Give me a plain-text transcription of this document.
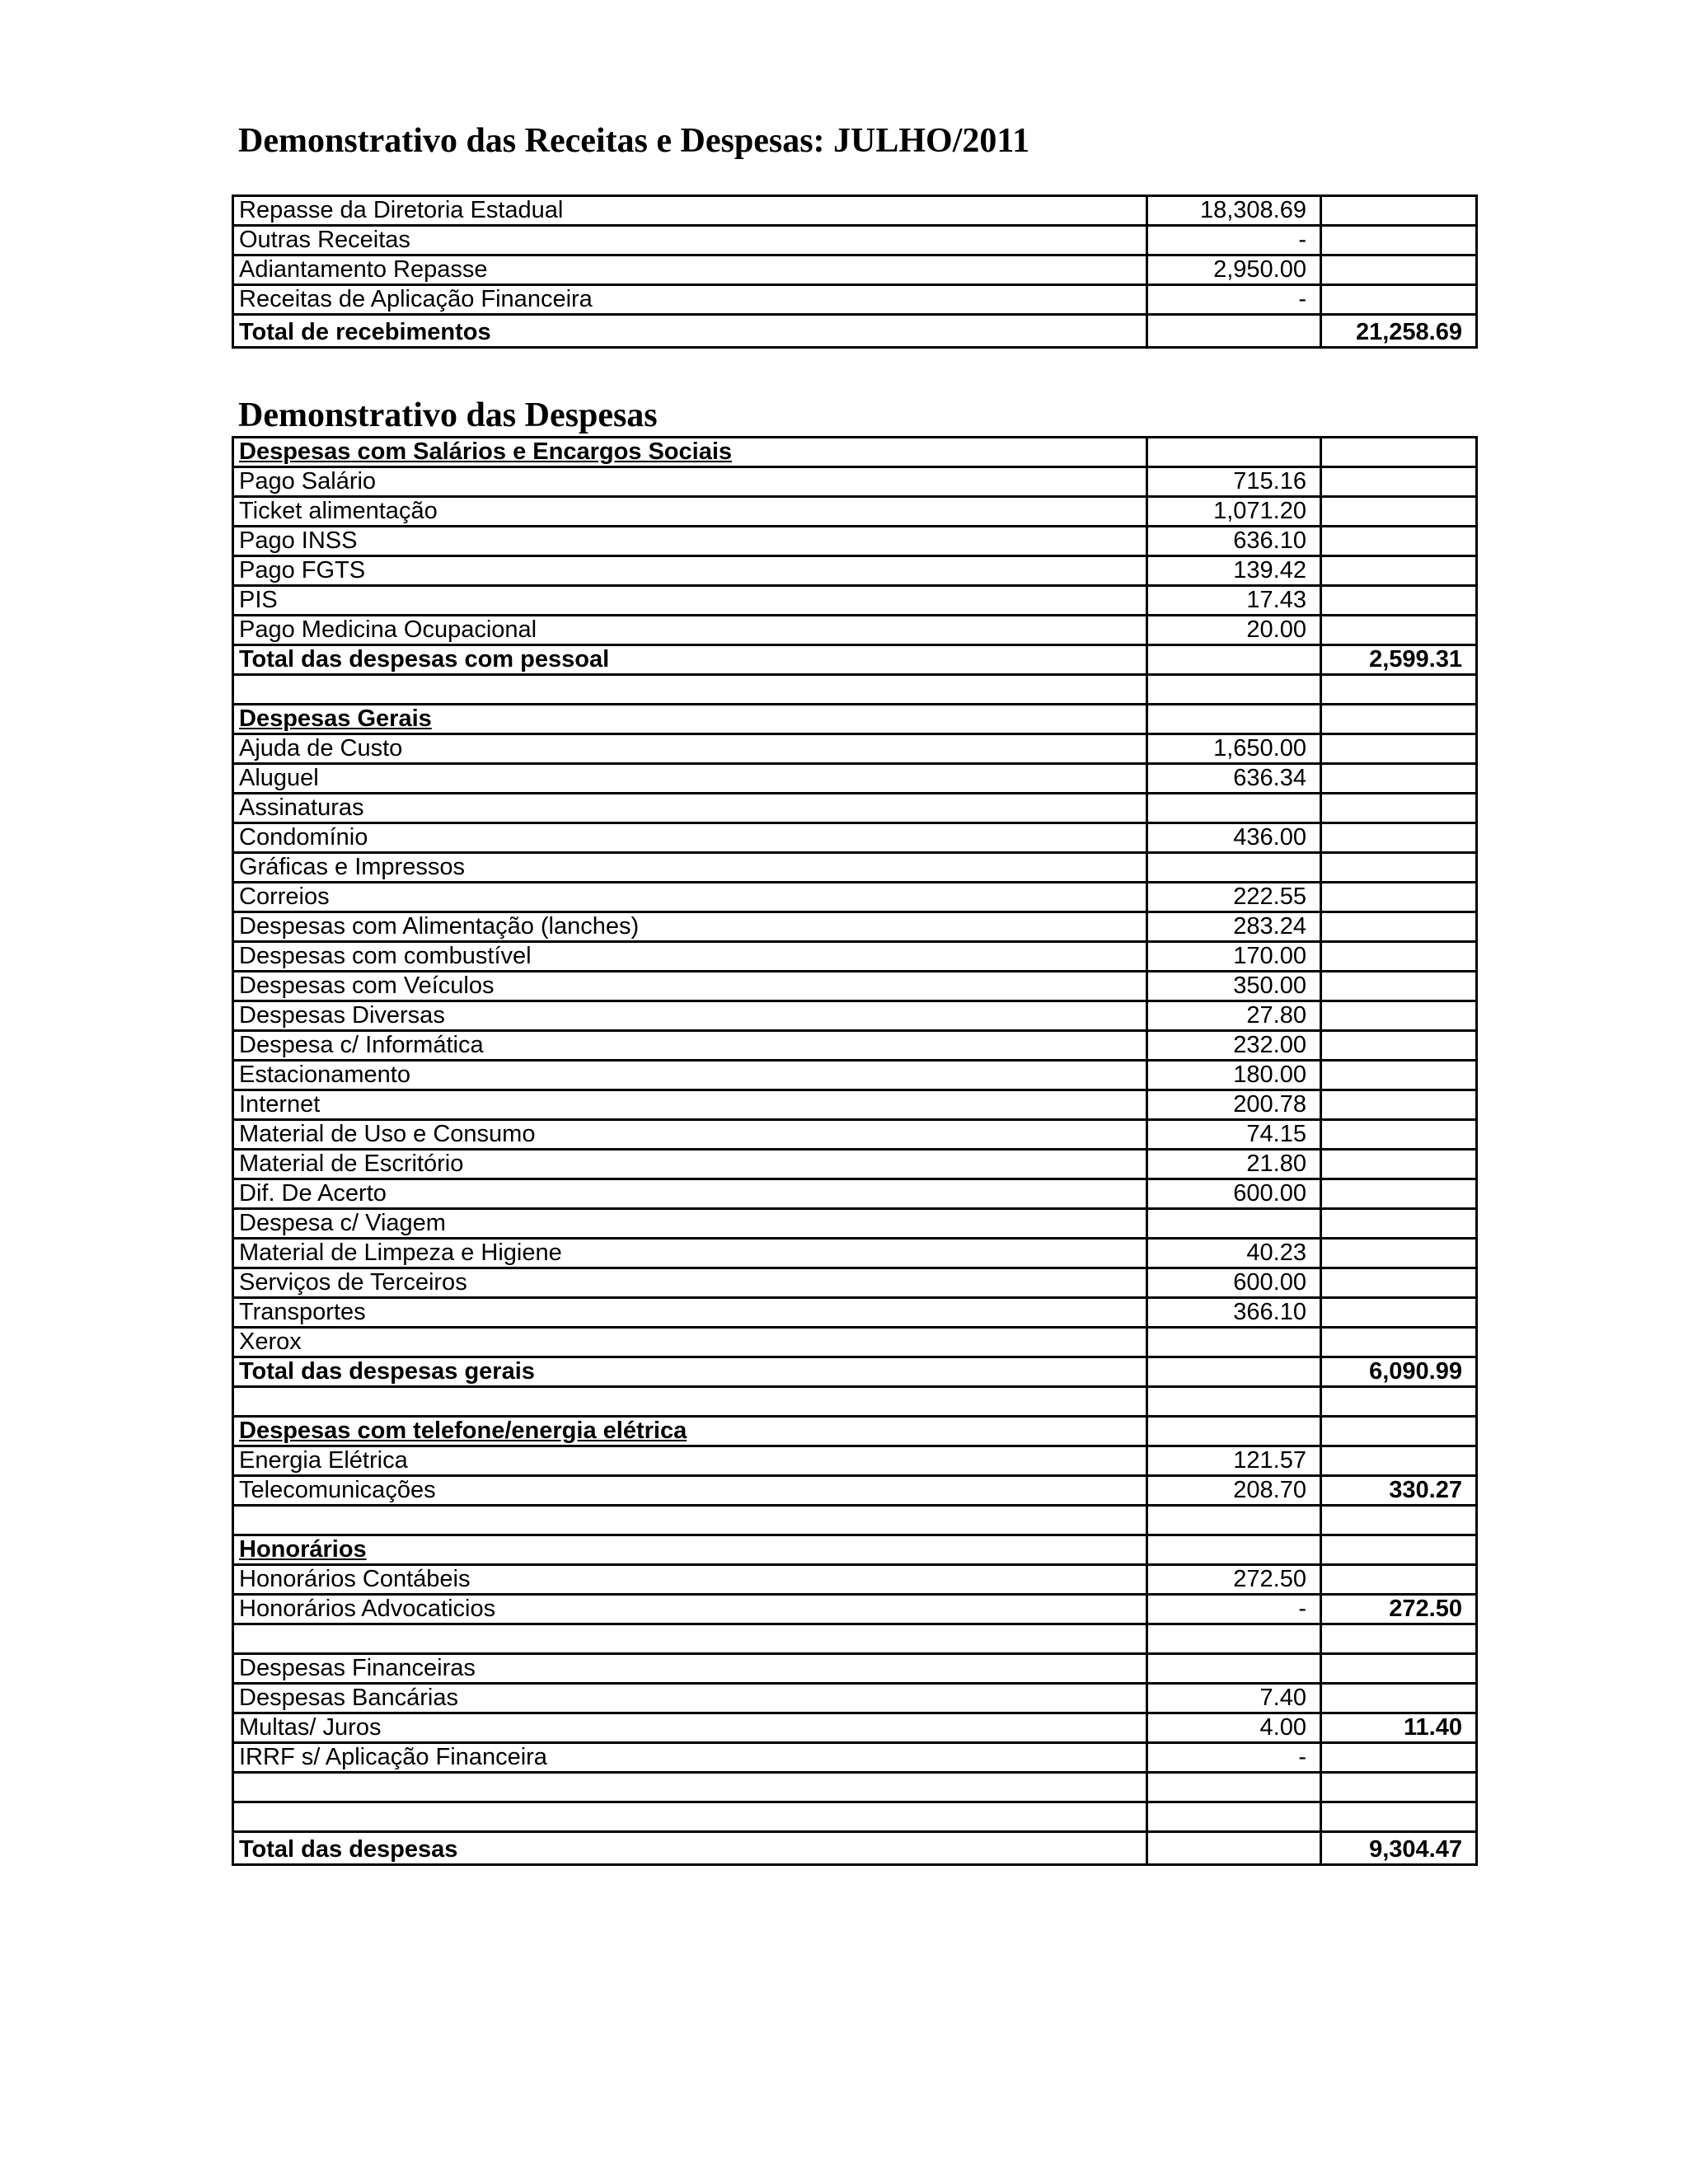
Demonstrativo das Receitas e Despesas: JULHO/2011
Repasse da Diretoria Estadual	18,308.69	
Outras Receitas	-	
Adiantamento Repasse	2,950.00	
Receitas de Aplicação Financeira	-	
Total de recebimentos		21,258.69
Demonstrativo das Despesas
Despesas com Salários e Encargos Sociais		
Pago Salário	715.16	
Ticket alimentação	1,071.20	
Pago INSS	636.10	
Pago FGTS	139.42	
PIS	17.43	
Pago Medicina Ocupacional	20.00	
Total das despesas com pessoal		2,599.31

Despesas Gerais		
Ajuda de Custo	1,650.00	
Aluguel	636.34	
Assinaturas		
Condomínio	436.00	
Gráficas e Impressos		
Correios	222.55	
Despesas com Alimentação (lanches)	283.24	
Despesas com combustível	170.00	
Despesas com Veículos	350.00	
Despesas Diversas	27.80	
Despesa c/ Informática	232.00	
Estacionamento	180.00	
Internet	200.78	
Material de Uso e Consumo	74.15	
Material de Escritório	21.80	
Dif. De Acerto	600.00	
Despesa c/ Viagem		
Material de Limpeza e Higiene	40.23	
Serviços de Terceiros	600.00	
Transportes	366.10	
Xerox		
Total das despesas gerais		6,090.99

Despesas com telefone/energia elétrica		
Energia Elétrica	121.57	
Telecomunicações	208.70	330.27

Honorários		
Honorários Contábeis	272.50	
Honorários Advocaticios	-	272.50

Despesas Financeiras		
Despesas Bancárias	7.40	
Multas/ Juros	4.00	11.40
IRRF s/ Aplicação Financeira	-	

Total das despesas		9,304.47
